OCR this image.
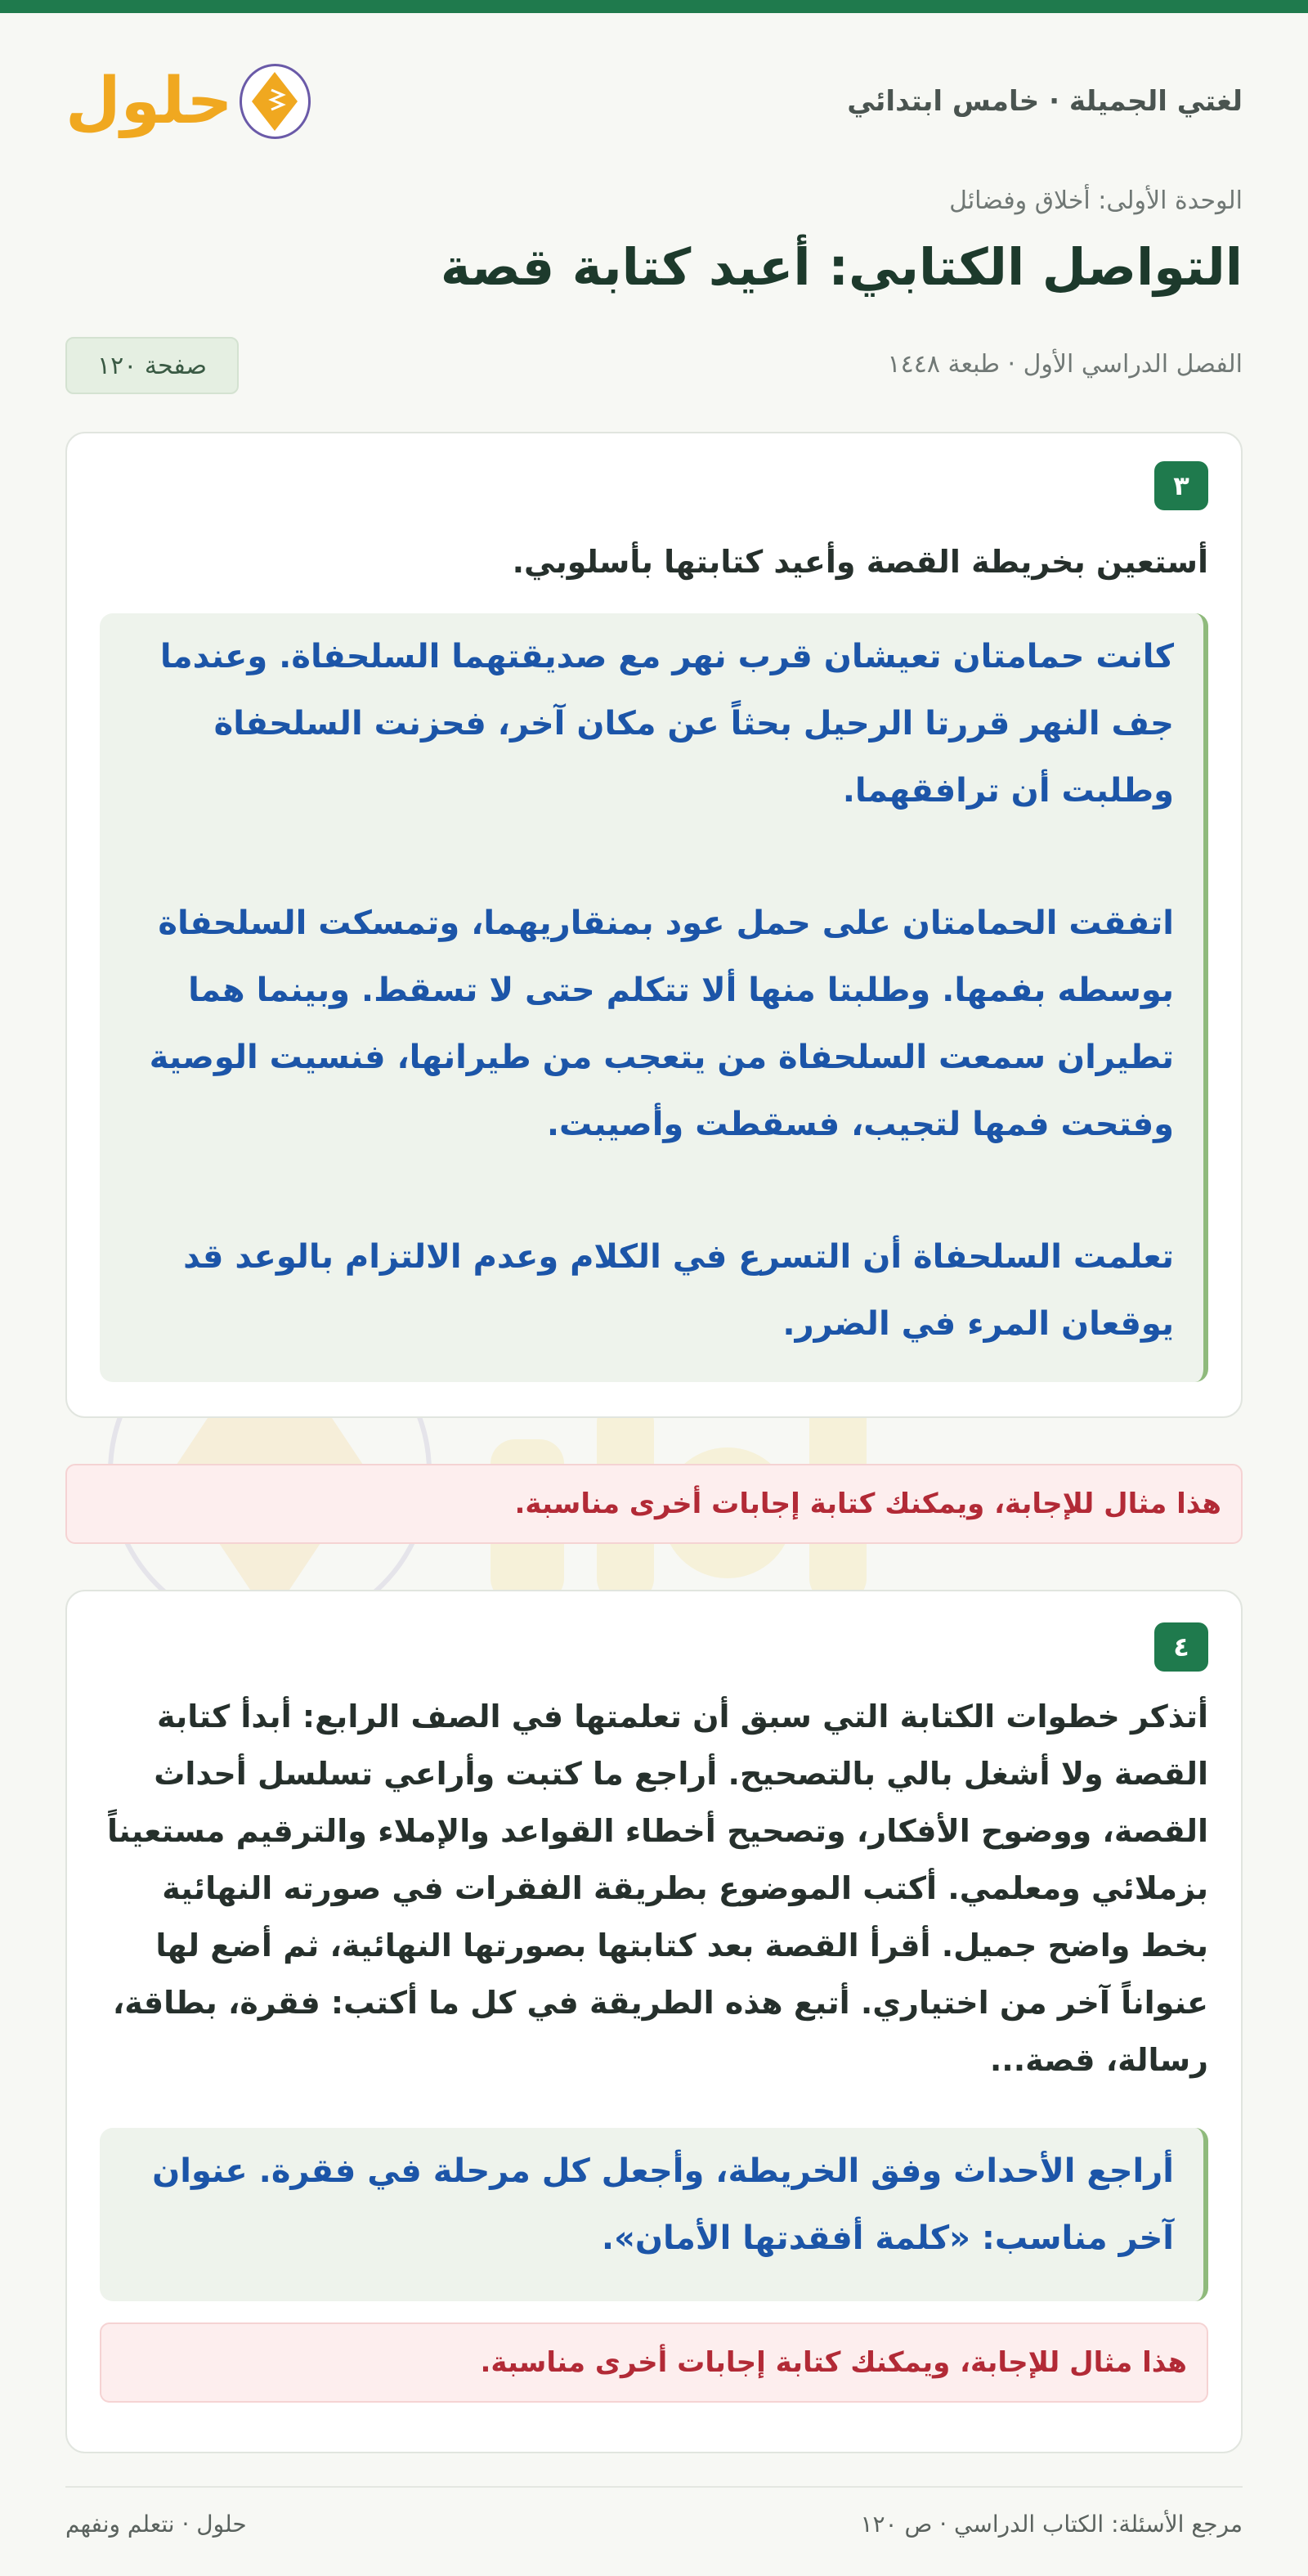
لغتي الجميلة · خامس ابتدائي
حلول
الوحدة الأولى: أخلاق وفضائل
التواصل الكتابي: أعيد كتابة قصة
الفصل الدراسي الأول · طبعة ١٤٤٨
صفحة ١٢٠
٣
أستعين بخريطة القصة وأعيد كتابتها بأسلوبي.

كانت حمامتان تعيشان قرب نهر مع صديقتهما السلحفاة. وعندما جف النهر قررتا الرحيل بحثاً عن مكان آخر، فحزنت السلحفاة وطلبت أن ترافقهما.

اتفقت الحمامتان على حمل عود بمنقاريهما، وتمسكت السلحفاة بوسطه بفمها. وطلبتا منها ألا تتكلم حتى لا تسقط. وبينما هما تطيران سمعت السلحفاة من يتعجب من طيرانها، فنسيت الوصية وفتحت فمها لتجيب، فسقطت وأصيبت.

تعلمت السلحفاة أن التسرع في الكلام وعدم الالتزام بالوعد قد يوقعان المرء في الضرر.

هذا مثال للإجابة، ويمكنك كتابة إجابات أخرى مناسبة.
٤
أتذكر خطوات الكتابة التي سبق أن تعلمتها في الصف الرابع: أبدأ كتابة القصة ولا أشغل بالي بالتصحيح. أراجع ما كتبت وأراعي تسلسل أحداث القصة، ووضوح الأفكار، وتصحيح أخطاء القواعد والإملاء والترقيم مستعيناً بزملائي ومعلمي. أكتب الموضوع بطريقة الفقرات في صورته النهائية بخط واضح جميل. أقرأ القصة بعد كتابتها بصورتها النهائية، ثم أضع لها عنواناً آخر من اختياري. أتبع هذه الطريقة في كل ما أكتب: فقرة، بطاقة، رسالة، قصة...

أراجع الأحداث وفق الخريطة، وأجعل كل مرحلة في فقرة. عنوان آخر مناسب: «كلمة أفقدتها الأمان».

هذا مثال للإجابة، ويمكنك كتابة إجابات أخرى مناسبة.
مرجع الأسئلة: الكتاب الدراسي · ص ١٢٠
حلول · نتعلم ونفهم
